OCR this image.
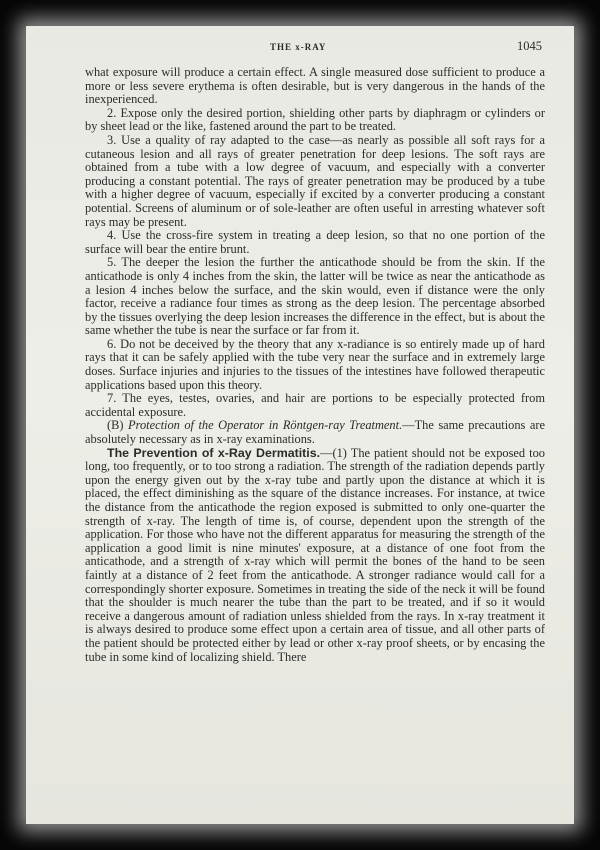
THE x-RAY	1045

what exposure will produce a certain effect. A single measured dose sufficient to produce a more or less severe erythema is often desirable, but is very dangerous in the hands of the inexperienced.

2. Expose only the desired portion, shielding other parts by diaphragm or cylinders or by sheet lead or the like, fastened around the part to be treated.

3. Use a quality of ray adapted to the case—as nearly as possible all soft rays for a cutaneous lesion and all rays of greater penetration for deep lesions. The soft rays are obtained from a tube with a low degree of vacuum, and especially with a converter producing a constant potential. The rays of greater penetration may be produced by a tube with a higher degree of vacuum, especially if excited by a converter producing a constant potential. Screens of aluminum or of sole-leather are often useful in arresting whatever soft rays may be present.

4. Use the cross-fire system in treating a deep lesion, so that no one portion of the surface will bear the entire brunt.

5. The deeper the lesion the further the anticathode should be from the skin. If the anticathode is only 4 inches from the skin, the latter will be twice as near the anticathode as a lesion 4 inches below the surface, and the skin would, even if distance were the only factor, receive a radiance four times as strong as the deep lesion. The percentage absorbed by the tissues overlying the deep lesion increases the difference in the effect, but is about the same whether the tube is near the surface or far from it.

6. Do not be deceived by the theory that any x-radiance is so entirely made up of hard rays that it can be safely applied with the tube very near the surface and in extremely large doses. Surface injuries and injuries to the tissues of the intestines have followed therapeutic applications based upon this theory.

7. The eyes, testes, ovaries, and hair are portions to be especially protected from accidental exposure.

(B) Protection of the Operator in Röntgen-ray Treatment.—The same precautions are absolutely necessary as in x-ray examinations.

The Prevention of x-Ray Dermatitis.—(1) The patient should not be exposed too long, too frequently, or to too strong a radiation. The strength of the radiation depends partly upon the energy given out by the x-ray tube and partly upon the distance at which it is placed, the effect diminishing as the square of the distance increases. For instance, at twice the distance from the anticathode the region exposed is submitted to only one-quarter the strength of x-ray. The length of time is, of course, dependent upon the strength of the application. For those who have not the different apparatus for measuring the strength of the application a good limit is nine minutes' exposure, at a distance of one foot from the anticathode, and a strength of x-ray which will permit the bones of the hand to be seen faintly at a distance of 2 feet from the anticathode. A stronger radiance would call for a correspondingly shorter exposure. Sometimes in treating the side of the neck it will be found that the shoulder is much nearer the tube than the part to be treated, and if so it would receive a dangerous amount of radiation unless shielded from the rays. In x-ray treatment it is always desired to produce some effect upon a certain area of tissue, and all other parts of the patient should be protected either by lead or other x-ray proof sheets, or by encasing the tube in some kind of localizing shield. There
